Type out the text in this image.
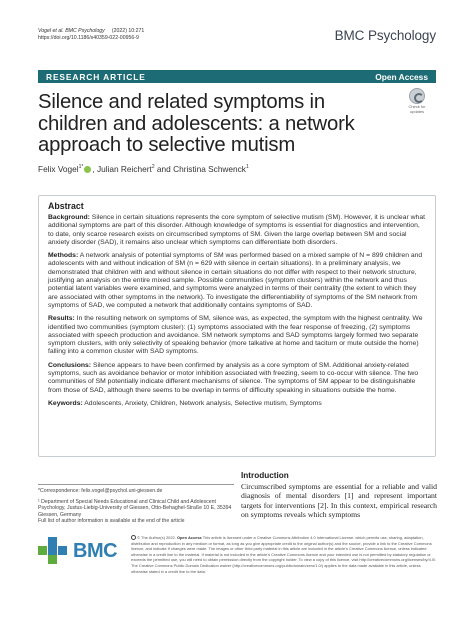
Vogel et al. BMC Psychology (2022) 10:271
https://doi.org/10.1186/s40359-022-00956-9	BMC Psychology
RESEARCH ARTICLE	Open Access
Check for updates
Silence and related symptoms in children and adolescents: a network approach to selective mutism
Felix Vogel$^{1*}$ , Julian Reichert$^2$ and Christina Schwenck$^1$
Abstract

Background: Silence in certain situations represents the core symptom of selective mutism (SM). However, it is unclear what additional symptoms are part of this disorder. Although knowledge of symptoms is essential for diagnostics and intervention, to date, only scarce research exists on circumscribed symptoms of SM. Given the large overlap between SM and social anxiety disorder (SAD), it remains also unclear which symptoms can differentiate both disorders.

Methods: A network analysis of potential symptoms of SM was performed based on a mixed sample of N = 899 children and adolescents with and without indication of SM (n = 629 with silence in certain situations). In a preliminary analysis, we demonstrated that children with and without silence in certain situations do not differ with respect to their network structure, justifying an analysis on the entire mixed sample. Possible communities (symptom clusters) within the network and thus potential latent variables were examined, and symptoms were analyzed in terms of their centrality (the extent to which they are associated with other symptoms in the network). To investigate the differentiability of symptoms of the SM network from symptoms of SAD, we computed a network that additionally contains symptoms of SAD.

Results: In the resulting network on symptoms of SM, silence was, as expected, the symptom with the highest centrality. We identified two communities (symptom cluster): (1) symptoms associated with the fear response of freezing, (2) symptoms associated with speech production and avoidance. SM network symptoms and SAD symptoms largely formed two separate symptom clusters, with only selectivity of speaking behavior (more talkative at home and taciturn or mute outside the home) falling into a common cluster with SAD symptoms.

Conclusions: Silence appears to have been confirmed by analysis as a core symptom of SM. Additional anxiety-related symptoms, such as avoidance behavior or motor inhibition associated with freezing, seem to co-occur with silence. The two communities of SM potentially indicate different mechanisms of silence. The symptoms of SM appear to be distinguishable from those of SAD, although there seems to be overlap in terms of difficulty speaking in situations outside the home.

Keywords: Adolescents, Anxiety, Children, Network analysis, Selective mutism, Symptoms

*Correspondence: felix.vogel@psychol.uni-giessen.de
¹ Department of Special Needs Educational and Clinical Child and Adolescent Psychology, Justus-Liebig-University of Giessen, Otto-Behaghel-Straße 10 E, 35394 Giessen, Germany
Full list of author information is available at the end of the article
Introduction
Circumscribed symptoms are essential for a reliable and valid diagnosis of mental disorders [1] and represent important targets for interventions [2]. In this context, empirical research on symptoms reveals which symptoms
BMC
© The Author(s) 2022. Open Access This article is licensed under a Creative Commons Attribution 4.0 International License, which permits use, sharing, adaptation, distribution and reproduction in any medium or format, as long as you give appropriate credit to the original author(s) and the source, provide a link to the Creative Commons licence, and indicate if changes were made. The images or other third party material in this article are included in the article's Creative Commons licence, unless indicated otherwise in a credit line to the material. If material is not included in the article's Creative Commons licence and your intended use is not permitted by statutory regulation or exceeds the permitted use, you will need to obtain permission directly from the copyright holder. To view a copy of this licence, visit http://creativecommons.org/licenses/by/4.0/. The Creative Commons Public Domain Dedication waiver (http://creativecommons.org/publicdomain/zero/1.0/) applies to the data made available in this article, unless otherwise stated in a credit line to the data.
